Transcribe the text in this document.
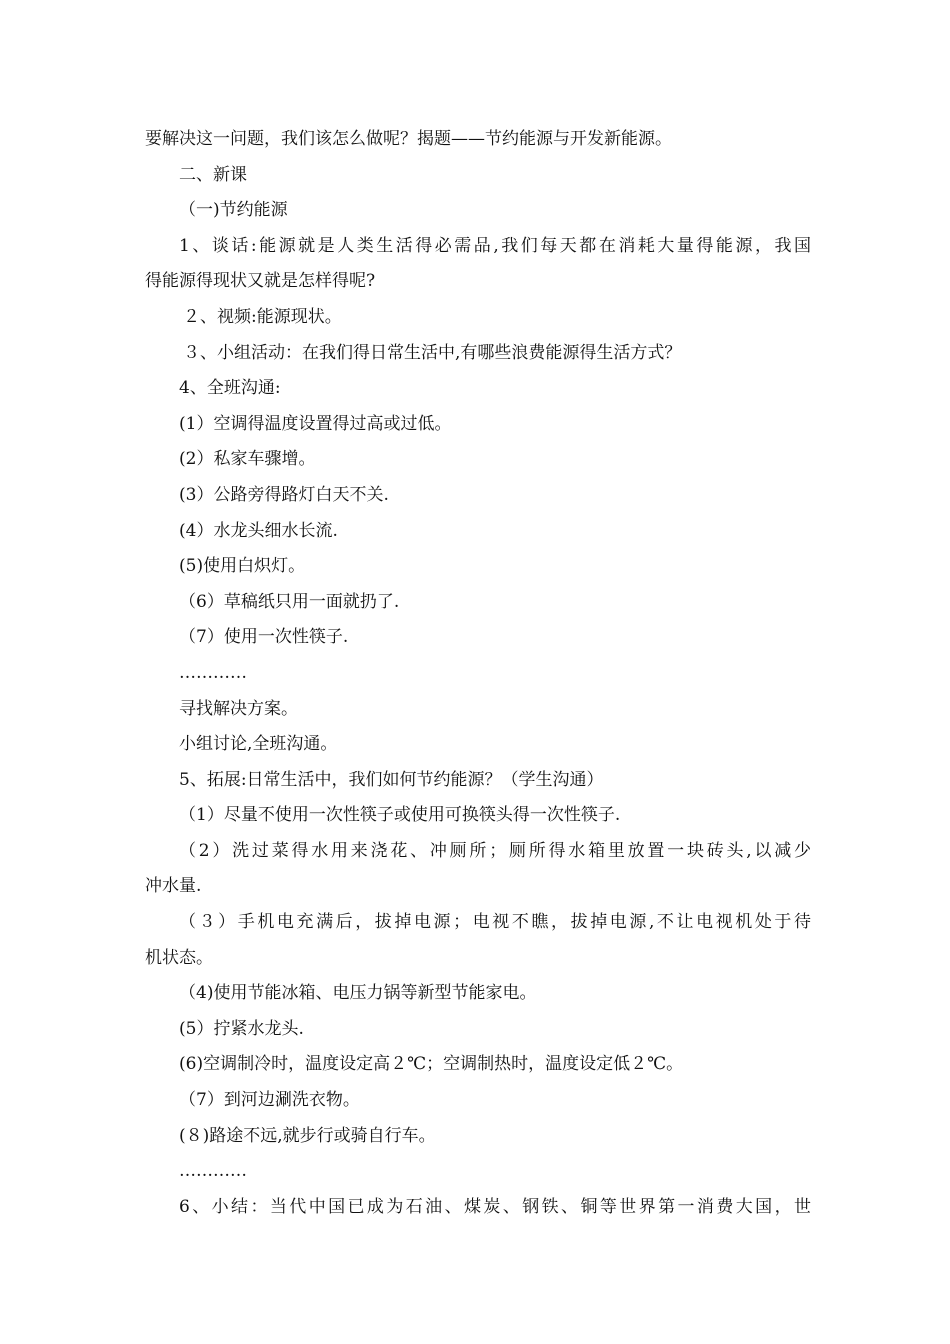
要解决这一问题，我们该怎么做呢？揭题——节约能源与开发新能源。
二、新课
（一)节约能源
1、谈话:能源就是人类生活得必需品,我们每天都在消耗大量得能源，我国
得能源得现状又就是怎样得呢?
２、视频:能源现状。
３、小组活动：在我们得日常生活中,有哪些浪费能源得生活方式？
4、全班沟通:
(1）空调得温度设置得过高或过低。
(2）私家车骤增。
(3）公路旁得路灯白天不关.
(4）水龙头细水长流.
(5)使用白炽灯。
（6）草稿纸只用一面就扔了.
（7）使用一次性筷子.
…………
寻找解决方案。
小组讨论,全班沟通。
5、拓展:日常生活中，我们如何节约能源？（学生沟通）
（1）尽量不使用一次性筷子或使用可换筷头得一次性筷子.
（2）洗过菜得水用来浇花、冲厕所；厕所得水箱里放置一块砖头,以减少
冲水量.
（３）手机电充满后，拔掉电源；电视不瞧，拔掉电源,不让电视机处于待
机状态。
（4)使用节能冰箱、电压力锅等新型节能家电。
(5）拧紧水龙头.
(6)空调制冷时，温度设定高２℃；空调制热时，温度设定低２℃。
（7）到河边涮洗衣物。
(８)路途不远,就步行或骑自行车。
…………
6、小结：当代中国已成为石油、煤炭、钢铁、铜等世界第一消费大国，世
